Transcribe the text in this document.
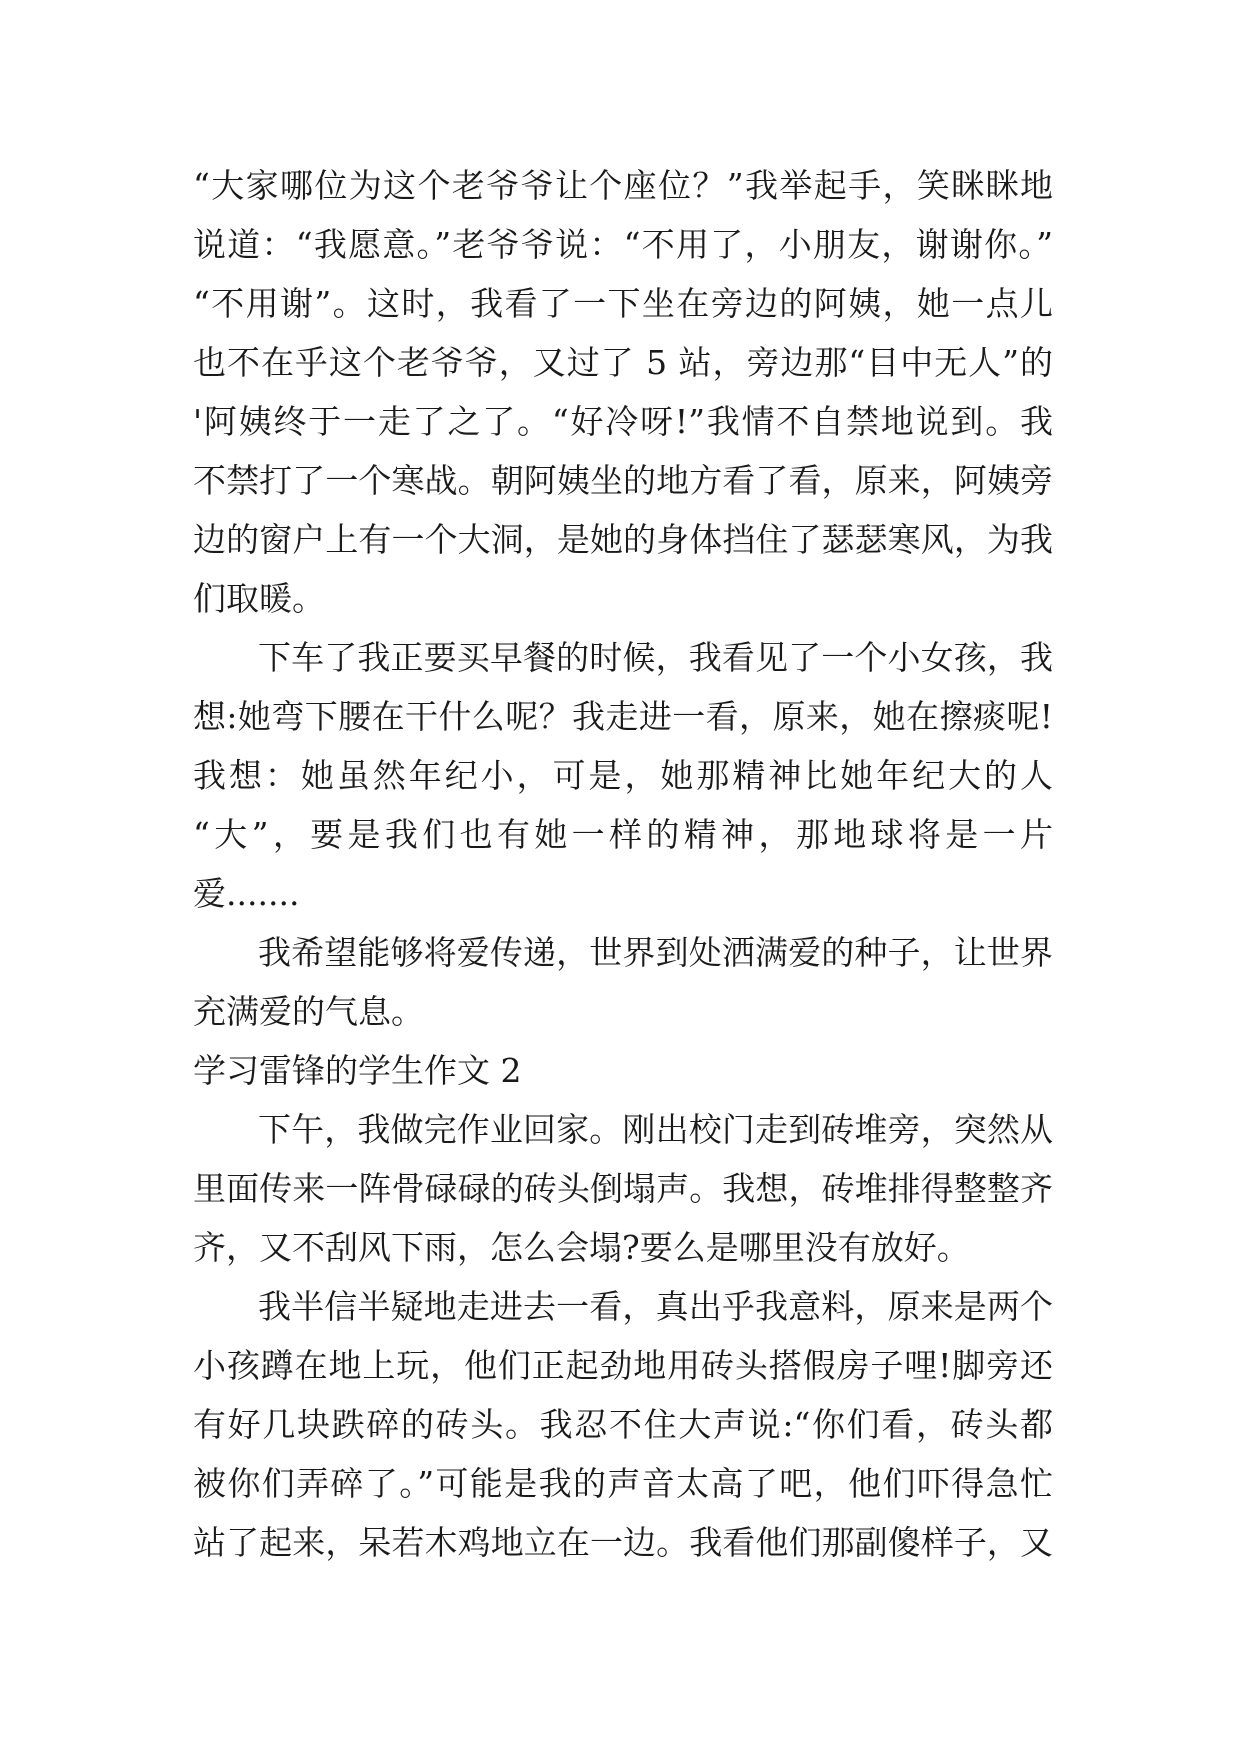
“大家哪位为这个老爷爷让个座位？”我举起手，笑眯眯地
说道：“我愿意。”老爷爷说：“不用了，小朋友，谢谢你。”
“不用谢”。这时，我看了一下坐在旁边的阿姨，她一点儿
也不在乎这个老爷爷，又过了 5 站，旁边那“目中无人”的
'阿姨终于一走了之了。“好冷呀!”我情不自禁地说到。我
不禁打了一个寒战。朝阿姨坐的地方看了看，原来，阿姨旁
边的窗户上有一个大洞，是她的身体挡住了瑟瑟寒风，为我
们取暖。
下车了我正要买早餐的时候，我看见了一个小女孩，我
想:她弯下腰在干什么呢？我走进一看，原来，她在擦痰呢!
我想：她虽然年纪小，可是，她那精神比她年纪大的人
“大”，要是我们也有她一样的精神，那地球将是一片
爱.......
我希望能够将爱传递，世界到处洒满爱的种子，让世界
充满爱的气息。
学习雷锋的学生作文 2
下午，我做完作业回家。刚出校门走到砖堆旁，突然从
里面传来一阵骨碌碌的砖头倒塌声。我想，砖堆排得整整齐
齐，又不刮风下雨，怎么会塌?要么是哪里没有放好。
我半信半疑地走进去一看，真出乎我意料，原来是两个
小孩蹲在地上玩，他们正起劲地用砖头搭假房子哩!脚旁还
有好几块跌碎的砖头。我忍不住大声说:“你们看，砖头都
被你们弄碎了。”可能是我的声音太高了吧，他们吓得急忙
站了起来，呆若木鸡地立在一边。我看他们那副傻样子，又
